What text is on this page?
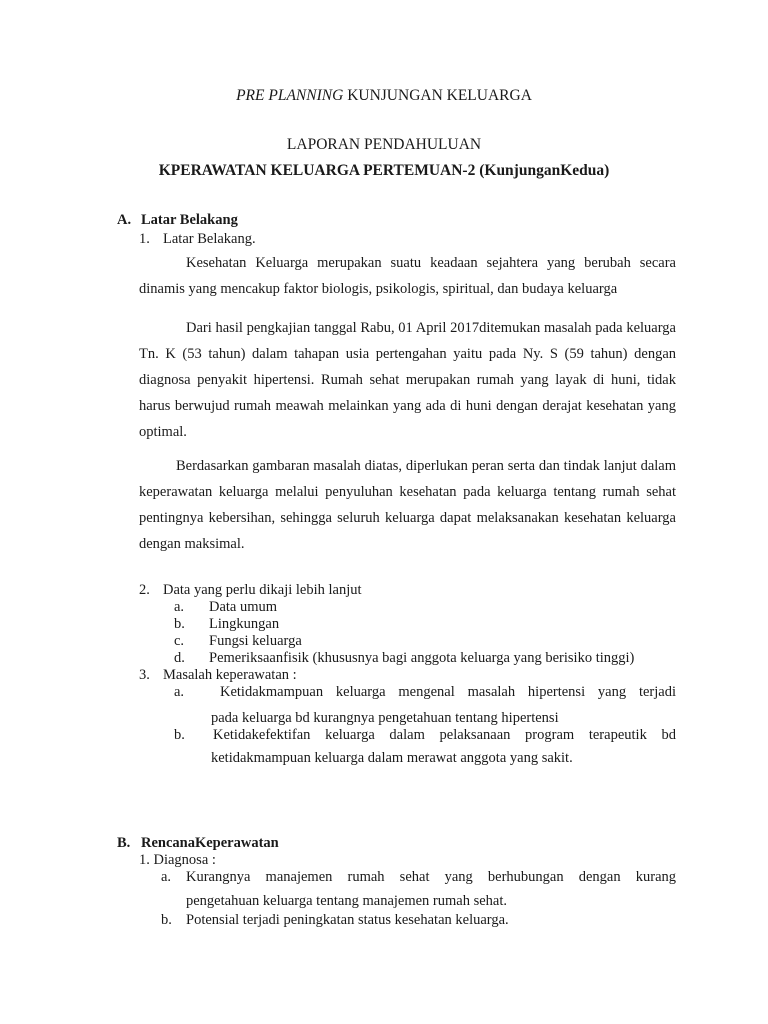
PRE PLANNING KUNJUNGAN KELUARGA
LAPORAN PENDAHULUAN
KPERAWATAN KELUARGA PERTEMUAN-2 (KunjunganKedua)
A. Latar Belakang
1. Latar Belakang.
Kesehatan Keluarga merupakan suatu keadaan sejahtera yang berubah secara
dinamis yang mencakup faktor biologis, psikologis, spiritual, dan budaya keluarga
Dari hasil pengkajian tanggal Rabu, 01 April 2017ditemukan masalah pada keluarga Tn. K (53 tahun) dalam tahapan usia pertengahan yaitu pada Ny. S (59 tahun) dengan diagnosa penyakit hipertensi. Rumah sehat merupakan rumah yang layak di huni, tidak harus berwujud rumah meawah melainkan yang ada di huni dengan derajat kesehatan yang optimal.
Berdasarkan gambaran masalah diatas, diperlukan peran serta dan tindak lanjut dalam keperawatan keluarga melalui penyuluhan kesehatan pada keluarga tentang rumah sehat pentingnya kebersihan, sehingga seluruh keluarga dapat melaksanakan kesehatan keluarga dengan maksimal.
2. Data yang perlu dikaji lebih lanjut
a. Data umum
b. Lingkungan
c. Fungsi keluarga
d. Pemeriksaanfisik (khususnya bagi anggota keluarga yang berisiko tinggi)
3. Masalah keperawatan :
a. Ketidakmampuan keluarga mengenal masalah hipertensi yang terjadi
pada keluarga bd kurangnya pengetahuan tentang hipertensi
b. Ketidakefektifan keluarga dalam pelaksanaan program terapeutik bd
ketidakmampuan keluarga dalam merawat anggota yang sakit.
B. RencanaKeperawatan
1. Diagnosa :
a. Kurangnya manajemen rumah sehat yang berhubungan dengan kurang
pengetahuan keluarga tentang manajemen rumah sehat.
b. Potensial terjadi peningkatan status kesehatan keluarga.
